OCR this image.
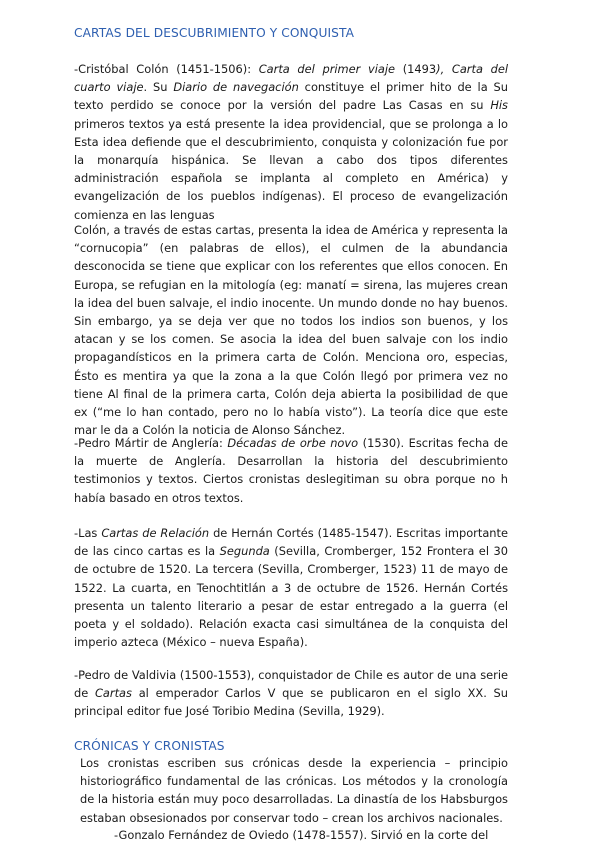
CARTAS DEL DESCUBRIMIENTO Y CONQUISTA
-Cristóbal Colón (1451-1506): Carta del primer viaje (1493), Carta del cuarto viaje. Su Diario de navegación constituye el primer hito de la Su texto perdido se conoce por la versión del padre Las Casas en su His primeros textos ya está presente la idea providencial, que se prolonga a lo Esta idea defiende que el descubrimiento, conquista y colonización fue por la monarquía hispánica. Se llevan a cabo dos tipos diferentes administración española se implanta al completo en América) y evangelización de los pueblos indígenas). El proceso de evangelización comienza en las lenguas
Colón, a través de estas cartas, presenta la idea de América y representa la “cornucopia” (en palabras de ellos), el culmen de la abundancia desconocida se tiene que explicar con los referentes que ellos conocen. En Europa, se refugian en la mitología (eg: manatí = sirena, las mujeres crean la idea del buen salvaje, el indio inocente. Un mundo donde no hay buenos. Sin embargo, ya se deja ver que no todos los indios son buenos, y los atacan y se los comen. Se asocia la idea del buen salvaje con los indio propagandísticos en la primera carta de Colón. Menciona oro, especias, Ésto es mentira ya que la zona a la que Colón llegó por primera vez no tiene Al final de la primera carta, Colón deja abierta la posibilidad de que ex (“me lo han contado, pero no lo había visto”). La teoría dice que este mar le da a Colón la noticia de Alonso Sánchez.
-Pedro Mártir de Anglería: Décadas de orbe novo (1530). Escritas fecha de la muerte de Anglería. Desarrollan la historia del descubrimiento testimonios y textos. Ciertos cronistas deslegitiman su obra porque no h había basado en otros textos.
-Las Cartas de Relación de Hernán Cortés (1485-1547). Escritas importante de las cinco cartas es la Segunda (Sevilla, Cromberger, 152 Frontera el 30 de octubre de 1520. La tercera (Sevilla, Cromberger, 1523) 11 de mayo de 1522. La cuarta, en Tenochtitlán a 3 de octubre de 1526. Hernán Cortés presenta un talento literario a pesar de estar entregado a la guerra (el poeta y el soldado). Relación exacta casi simultánea de la conquista del imperio azteca (México – nueva España).
-Pedro de Valdivia (1500-1553), conquistador de Chile es autor de una serie de Cartas al emperador Carlos V que se publicaron en el siglo XX. Su principal editor fue José Toribio Medina (Sevilla, 1929).
CRÓNICAS Y CRONISTAS
Los cronistas escriben sus crónicas desde la experiencia – principio historiográfico fundamental de las crónicas. Los métodos y la cronología de la historia están muy poco desarrolladas. La dinastía de los Habsburgos estaban obsesionados por conservar todo – crean los archivos nacionales.
-Gonzalo Fernández de Oviedo (1478-1557). Sirvió en la corte del
